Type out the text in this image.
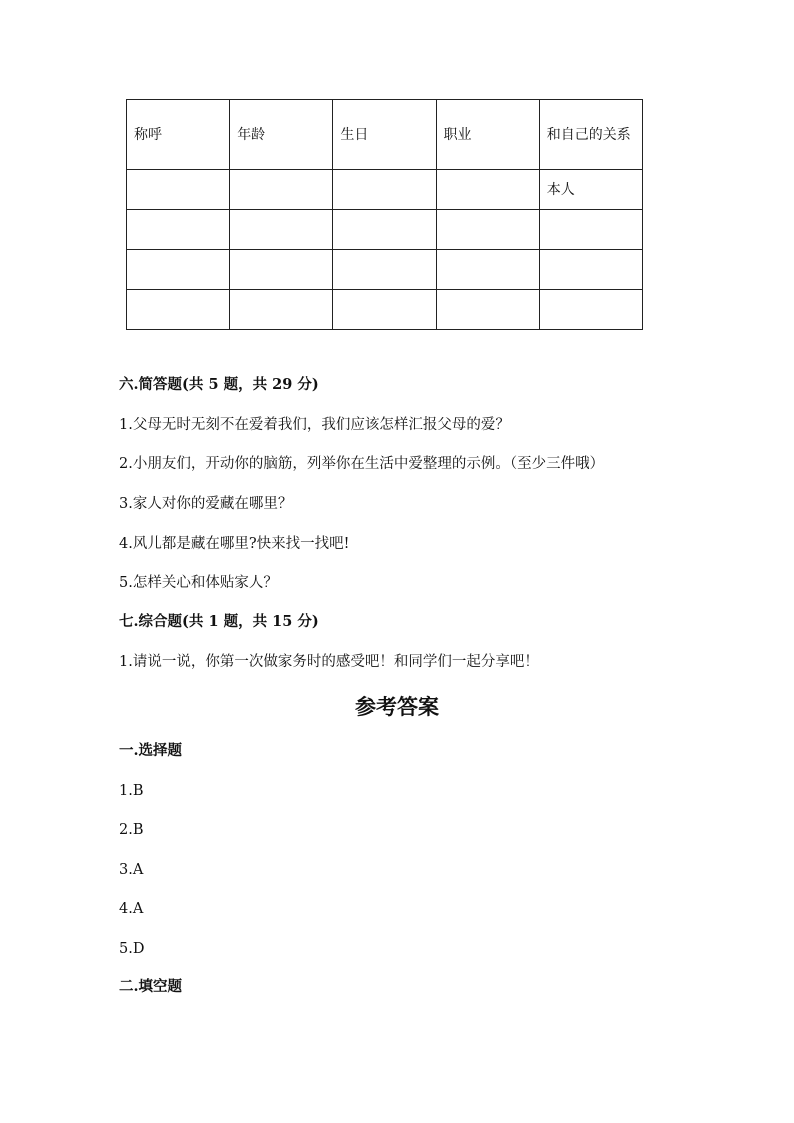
称呼	年龄	生日	职业	和自己的关系
				本人

六.简答题(共 5 题，共 29 分)
1.父母无时无刻不在爱着我们，我们应该怎样汇报父母的爱？
2.小朋友们，开动你的脑筋，列举你在生活中爱整理的示例。（至少三件哦）
3.家人对你的爱藏在哪里？
4.风儿都是藏在哪里?快来找一找吧!
5.怎样关心和体贴家人？
七.综合题(共 1 题，共 15 分)
1.请说一说，你第一次做家务时的感受吧！和同学们一起分享吧！
参考答案
一.选择题
1.B
2.B
3.A
4.A
5.D
二.填空题
